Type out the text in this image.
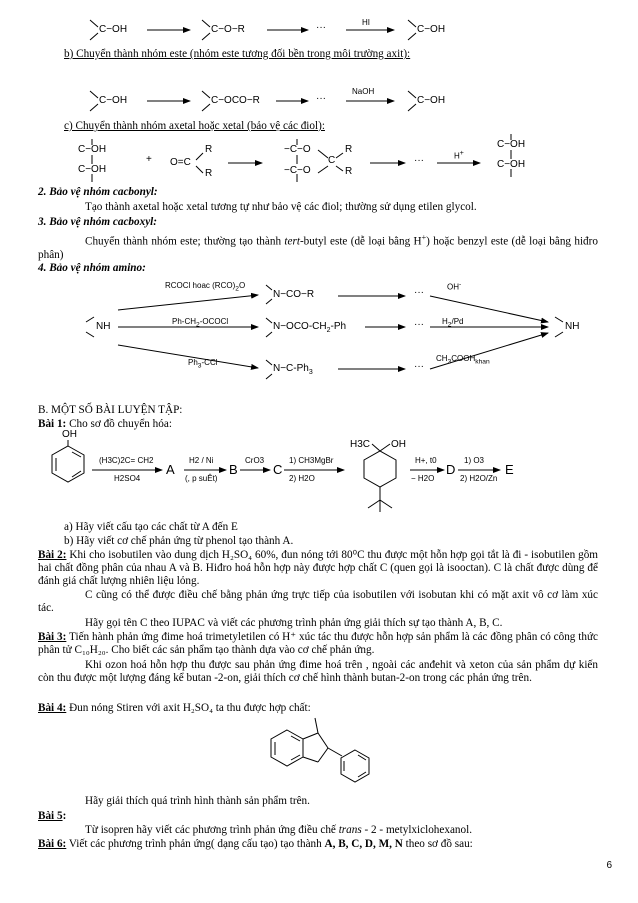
C−OH	C−O−R	···	HI
C−OH
b) Chuyển thành nhóm este (nhóm este tương đối bền trong môi trường axit):
C−OH	C−OCO−R	···
NaOH
C−OH
c) Chuyển thành nhóm axetal hoặc xetal (bảo vệ các điol):
C−OH
C−OH
+ O=C
R
R
−C−O
−C−O
C
R
R
···	H+
C−OH
C−OH
2. Bảo vệ nhóm cacbonyl:
Tạo thành axetal hoặc xetal tương tự như bảo vệ các điol; thường sử dụng etilen glycol.
3. Bảo vệ nhóm cacboxyl:
Chuyển thành nhóm este; thường tạo thành tert-butyl este (dễ loại bằng H+) hoặc benzyl este (dễ loại bằng hiđro phân)
4. Bảo vệ nhóm amino:
NH
RCOCl hoac $(RCO)_2O$
N−CO−R	···	OH-
$Ph-CH_2$-OCOCl	$N-OCO-CH_2-Ph$	··· $H_2/Pd$
$Ph_3$-CCl
$N-C-Ph_3$
···
$CH_3COOH_{khan}$
NH
B. MỘT SỐ BÀI LUYỆN TẬP:
Bài 1: Cho sơ đồ chuyển hóa:
OH
(H3C)2C= CH2
H2SO4
A
H2 / Ni
(, p suÊt)
B
CrO3
C
1) CH3MgBr
2) H2O
H3C OH
H+, t0
− H2O
D
1) O3
2) H2O/Zn
E
a) Hãy viết cấu tạo các chất từ A đến E
b) Hãy viết cơ chế phản ứng từ phenol tạo thành A.
Bài 2: Khi cho isobutilen vào dung dịch H₂SO₄ 60%, đun nóng tới 80⁰C thu được một hỗn hợp gọi tắt là đi - isobutilen gồm hai chất đồng phân của nhau A và B. Hiđro hoá hỗn hợp này được hợp chất C (quen gọi là isooctan). C là chất được dùng để đánh giá chất lượng nhiên liệu lỏng.
C cũng có thể được điều chế bằng phản ứng trực tiếp của isobutilen với isobutan khi có mặt axit vô cơ làm xúc tác.
Hãy gọi tên C theo IUPAC và viết các phương trình phản ứng giải thích sự tạo thành A, B, C.
Bài 3: Tiến hành phản ứng đime hoá trimetyletilen có H⁺ xúc tác thu được hỗn hợp sản phẩm là các đồng phân có công thức phân tử C₁₀H₂₀. Cho biết các sản phẩm tạo thành dựa vào cơ chế phản ứng.
Khi ozon hoá hỗn hợp thu được sau phản ứng đime hoá trên , ngoài các anđehit và xeton của sản phẩm dự kiến còn thu được một lượng đáng kể butan -2-on, giải thích cơ chế hình thành butan-2-on trong các phản ứng trên.
Bài 4: Đun nóng Stiren với axit H₂SO₄ ta thu được hợp chất:
Hãy giải thích quá trình hình thành sản phẩm trên.
Bài 5:
Từ isopren hãy viết các phương trình phản ứng điều chế trans - 2 - metylxiclohexanol.
Bài 6: Viết các phương trình phản ứng( dạng cấu tạo) tạo thành A, B, C, D, M, N theo sơ đồ sau:
6
